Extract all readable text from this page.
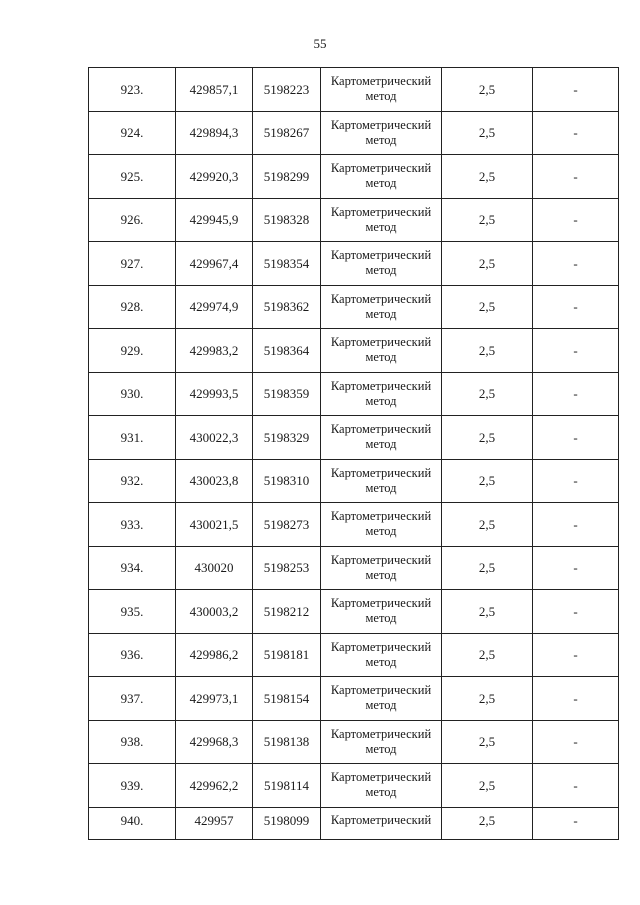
55
923.	429857,1	5198223	Картометрический метод	2,5	-
924.	429894,3	5198267	Картометрический метод	2,5	-
925.	429920,3	5198299	Картометрический метод	2,5	-
926.	429945,9	5198328	Картометрический метод	2,5	-
927.	429967,4	5198354	Картометрический метод	2,5	-
928.	429974,9	5198362	Картометрический метод	2,5	-
929.	429983,2	5198364	Картометрический метод	2,5	-
930.	429993,5	5198359	Картометрический метод	2,5	-
931.	430022,3	5198329	Картометрический метод	2,5	-
932.	430023,8	5198310	Картометрический метод	2,5	-
933.	430021,5	5198273	Картометрический метод	2,5	-
934.	430020	5198253	Картометрический метод	2,5	-
935.	430003,2	5198212	Картометрический метод	2,5	-
936.	429986,2	5198181	Картометрический метод	2,5	-
937.	429973,1	5198154	Картометрический метод	2,5	-
938.	429968,3	5198138	Картометрический метод	2,5	-
939.	429962,2	5198114	Картометрический метод	2,5	-
940.	429957	5198099	Картометрический	2,5	-
